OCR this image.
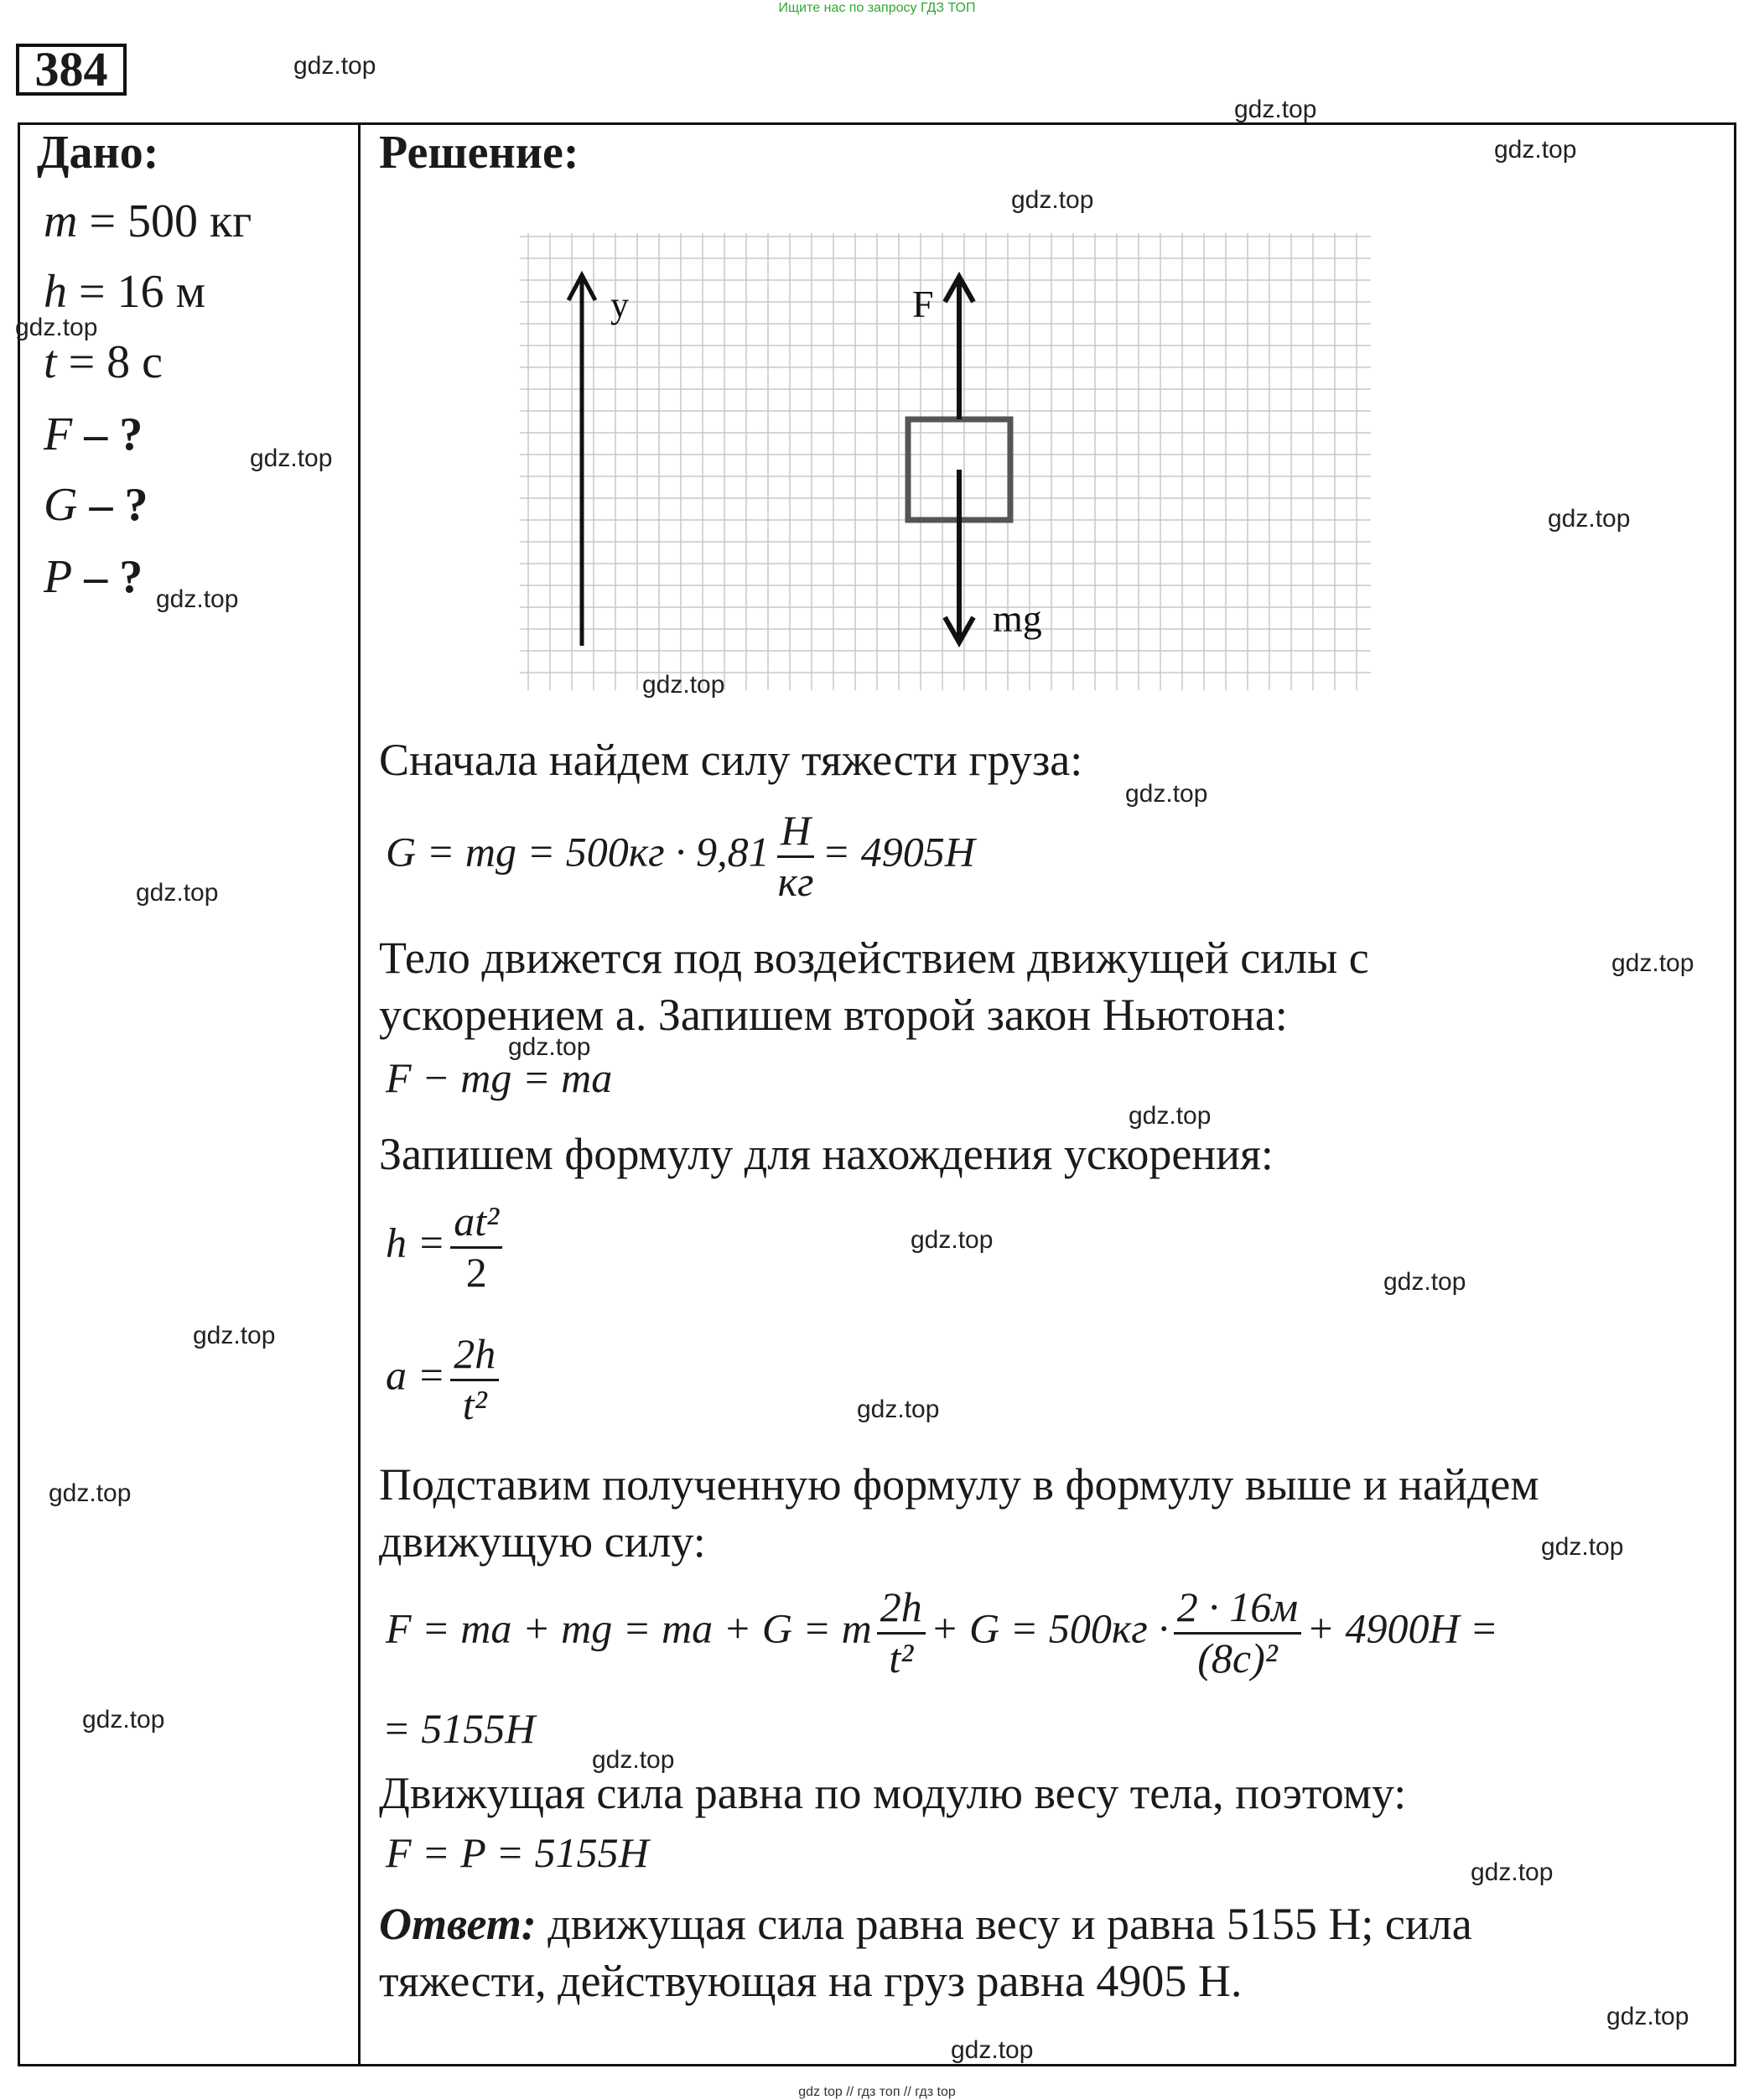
Ищите нас по запросу ГДЗ ТОП
384
Дано:
m = 500 кг
h = 16 м
t = 8 с
F – ?
G – ?
P – ?
Решение:
y	F
mg
Сначала найдем силу тяжести груза:
G = mg = $500кг \cdot 9,81 \frac{Н}{кг} = 4905Н$
Тело движется под воздействием движущей силы с
ускорением а. Запишем второй закон Ньютона:
F − mg = ma
Запишем формулу для нахождения ускорения:
$h = \frac{\text{at²}}{2}$
$a = \frac{2h}{\text{t²}}$
Подставим полученную формулу в формулу выше и найдем
движущую силу:
F = ma + mg = ma + G = m $\frac{2h}{\text{t²}} + G = 500кг \cdot \frac{2 \cdot 16м}{\text{(8с)²}} + 4900Н$ =
= 5155Н
Движущая сила равна по модулю весу тела, поэтому:
F = P = 5155Н
Ответ: движущая сила равна весу и равна 5155 Н; сила
тяжести, действующая на груз равна 4905 Н.
gdz.top
gdz.top
gdz.top
gdz.top
gdz.top
gdz.top
gdz.top
gdz.top
gdz.top
gdz.top
gdz.top
gdz.top
gdz.top
gdz.top
gdz.top
gdz.top
gdz.top
gdz.top
gdz.top
gdz.top
gdz.top
gdz.top
gdz.top
gdz.top
gdz.top
gdz top // гдз топ // гдз top
